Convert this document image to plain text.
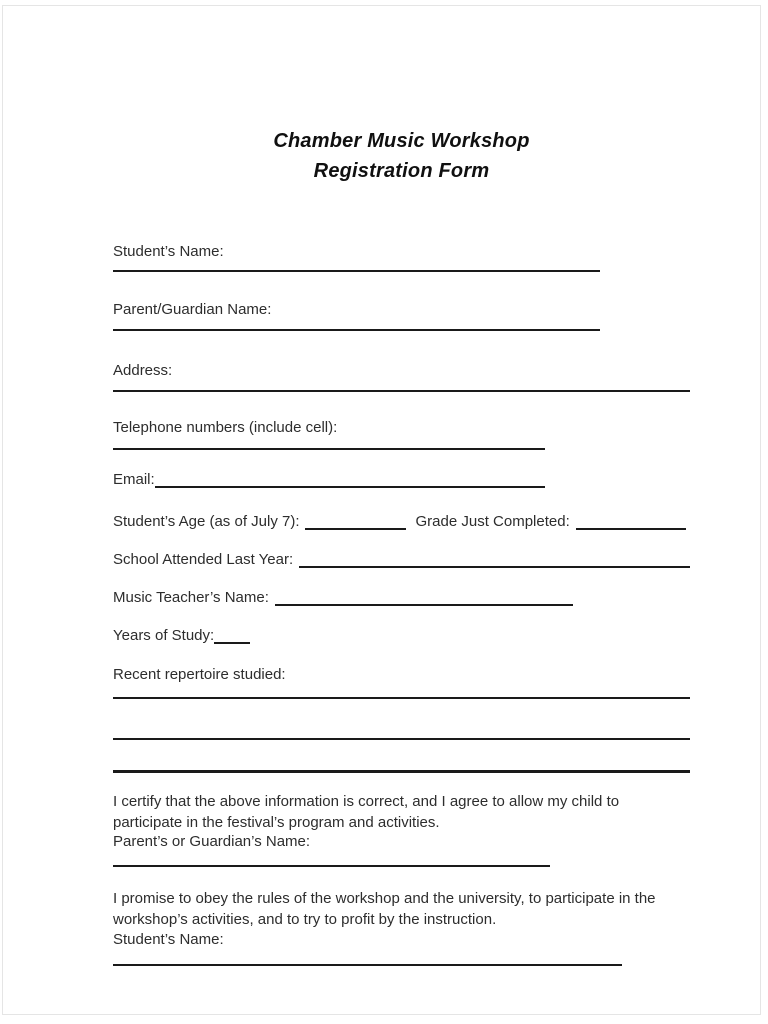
Chamber Music Workshop
Registration Form
Student’s Name:
Parent/Guardian Name:
Address:
Telephone numbers (include cell):
Email:
Student’s Age (as of July 7):	Grade Just Completed:
School Attended Last Year:
Music Teacher’s Name:
Years of Study:
Recent repertoire studied:
I certify that the above information is correct, and I agree to allow my child to participate in the festival’s program and activities.
Parent’s or Guardian’s Name:
I promise to obey the rules of the workshop and the university, to participate in the workshop’s activities, and to try to profit by the instruction.
Student’s Name:
